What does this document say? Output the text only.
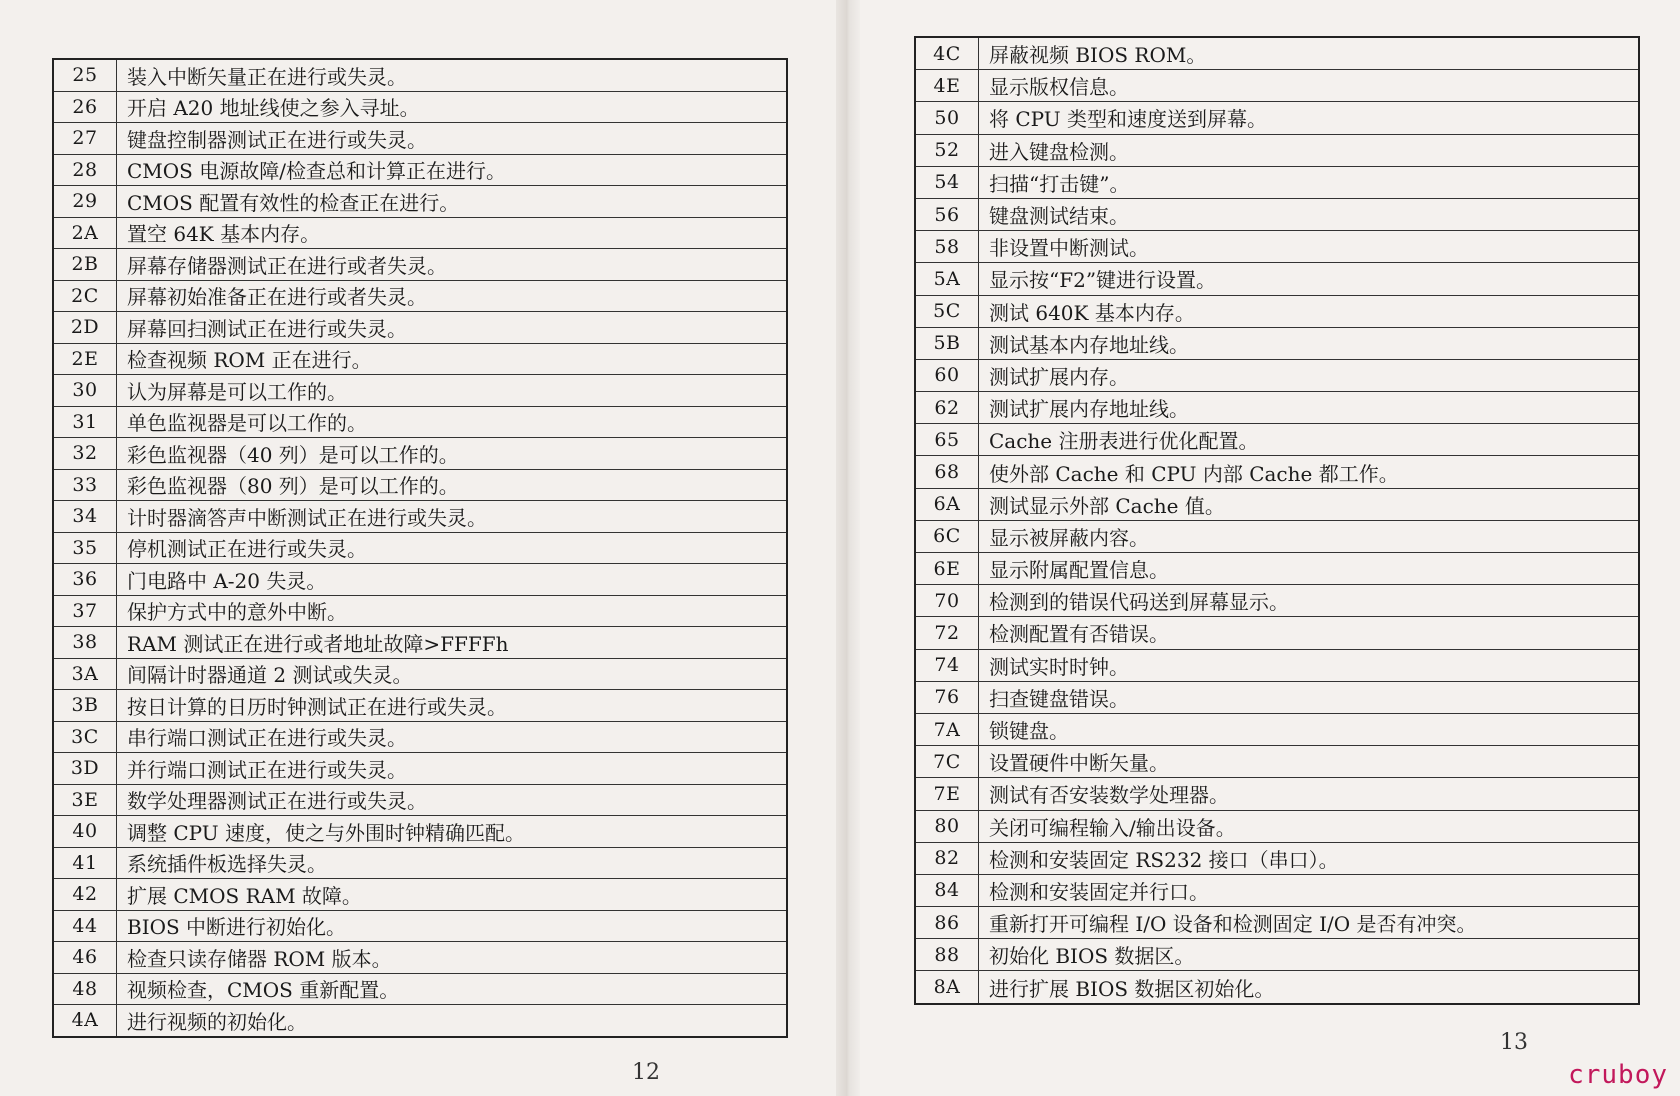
25	装入中断矢量正在进行或失灵。
26	开启 A20 地址线使之参入寻址。
27	键盘控制器测试正在进行或失灵。
28	CMOS 电源故障/检查总和计算正在进行。
29	CMOS 配置有效性的检查正在进行。
2A	置空 64K 基本内存。
2B	屏幕存储器测试正在进行或者失灵。
2C	屏幕初始准备正在进行或者失灵。
2D	屏幕回扫测试正在进行或失灵。
2E	检查视频 ROM 正在进行。
30	认为屏幕是可以工作的。
31	单色监视器是可以工作的。
32	彩色监视器（40 列）是可以工作的。
33	彩色监视器（80 列）是可以工作的。
34	计时器滴答声中断测试正在进行或失灵。
35	停机测试正在进行或失灵。
36	门电路中 A-20 失灵。
37	保护方式中的意外中断。
38	RAM 测试正在进行或者地址故障>FFFFh
3A	间隔计时器通道 2 测试或失灵。
3B	按日计算的日历时钟测试正在进行或失灵。
3C	串行端口测试正在进行或失灵。
3D	并行端口测试正在进行或失灵。
3E	数学处理器测试正在进行或失灵。
40	调整 CPU 速度，使之与外围时钟精确匹配。
41	系统插件板选择失灵。
42	扩展 CMOS RAM 故障。
44	BIOS 中断进行初始化。
46	检查只读存储器 ROM 版本。
48	视频检查，CMOS 重新配置。
4A	进行视频的初始化。
12
4C	屏蔽视频 BIOS ROM。
4E	显示版权信息。
50	将 CPU 类型和速度送到屏幕。
52	进入键盘检测。
54	扫描“打击键”。
56	键盘测试结束。
58	非设置中断测试。
5A	显示按“F2”键进行设置。
5C	测试 640K 基本内存。
5B	测试基本内存地址线。
60	测试扩展内存。
62	测试扩展内存地址线。
65	Cache 注册表进行优化配置。
68	使外部 Cache 和 CPU 内部 Cache 都工作。
6A	测试显示外部 Cache 值。
6C	显示被屏蔽内容。
6E	显示附属配置信息。
70	检测到的错误代码送到屏幕显示。
72	检测配置有否错误。
74	测试实时时钟。
76	扫查键盘错误。
7A	锁键盘。
7C	设置硬件中断矢量。
7E	测试有否安装数学处理器。
80	关闭可编程输入/输出设备。
82	检测和安装固定 RS232 接口（串口）。
84	检测和安装固定并行口。
86	重新打开可编程 I/O 设备和检测固定 I/O 是否有冲突。
88	初始化 BIOS 数据区。
8A	进行扩展 BIOS 数据区初始化。
13
cruboy
